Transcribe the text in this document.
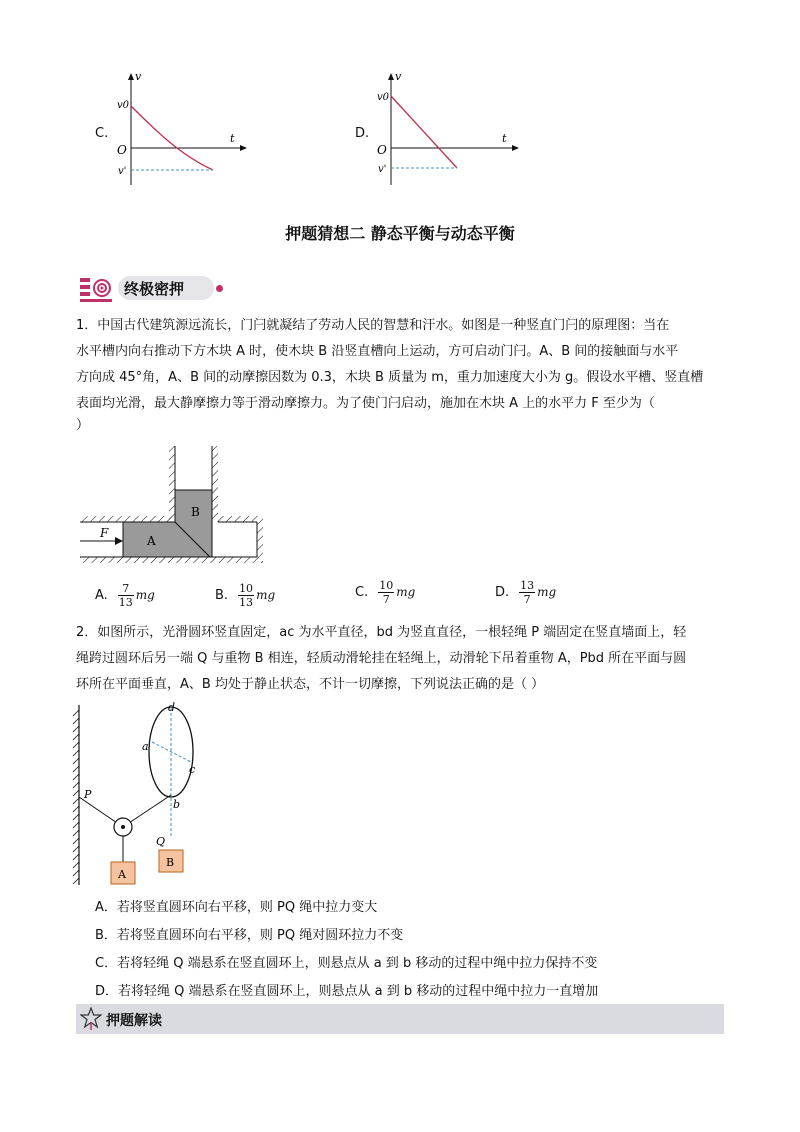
C.
v
t
v0
O
v'
D.
v
t
v0
O
v'
押题猜想二 静态平衡与动态平衡
终极密押
1．中国古代建筑源远流长，门闩就凝结了劳动人民的智慧和汗水。如图是一种竖直门闩的原理图：当在
水平槽内向右推动下方木块 A 时，使木块 B 沿竖直槽向上运动，方可启动门闩。A、B 间的接触面与水平
方向成 45°角，A、B 间的动摩擦因数为 0.3，木块 B 质量为 m，重力加速度大小为 g。假设水平槽、竖直槽
表面均光滑，最大静摩擦力等于滑动摩擦力。为了使门闩启动，施加在木块 A 上的水平力 F 至少为（
）
F
A
B
A. $\frac{7}{13}$ mg	B. $\frac{10}{13}$ mg	C. $\frac{10}{7}$ mg	D. $\frac{13}{7}$ mg
2．如图所示，光滑圆环竖直固定，ac 为水平直径，bd 为竖直直径，一根轻绳 P 端固定在竖直墙面上，轻
绳跨过圆环后另一端 Q 与重物 B 相连，轻质动滑轮挂在轻绳上，动滑轮下吊着重物 A，Pbd 所在平面与圆
环所在平面垂直，A、B 均处于静止状态，不计一切摩擦，下列说法正确的是（ ）
A
B
d
a
c
b
P
Q
A．若将竖直圆环向右平移，则 PQ 绳中拉力变大
B．若将竖直圆环向右平移，则 PQ 绳对圆环拉力不变
C．若将轻绳 Q 端悬系在竖直圆环上，则悬点从 a 到 b 移动的过程中绳中拉力保持不变
D．若将轻绳 Q 端悬系在竖直圆环上，则悬点从 a 到 b 移动的过程中绳中拉力一直增加
押题解读
